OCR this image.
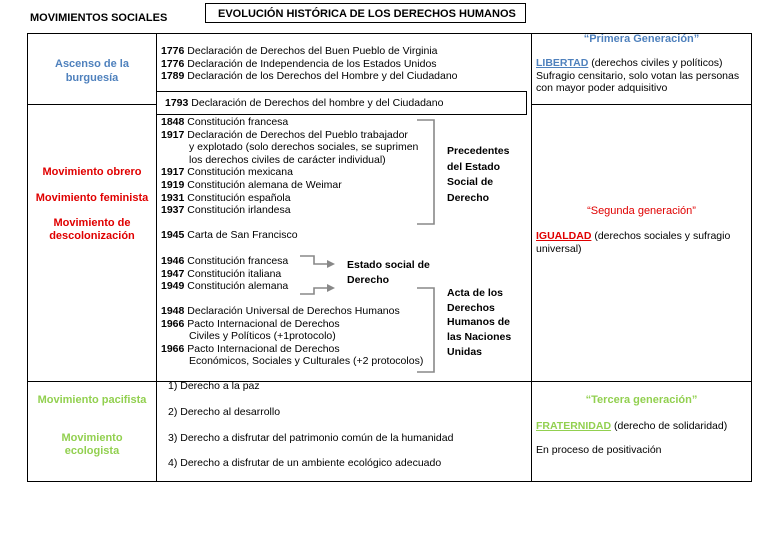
MOVIMIENTOS SOCIALES	EVOLUCIÓN HISTÓRICA DE LOS DERECHOS HUMANOS
Ascenso de la burguesía
1776 Declaración de Derechos del Buen Pueblo de Virginia
1776 Declaración de Independencia de los Estados Unidos
1789 Declaración de los Derechos del Hombre y del Ciudadano
1793 Declaración de Derechos del hombre y del Ciudadano
“Primera Generación”
LIBERTAD (derechos civiles y políticos)
Sufragio censitario, solo votan las personas con mayor poder adquisitivo
Movimiento obrero
Movimiento feminista
Movimiento de descolonización
1848 Constitución francesa
1917 Declaración de Derechos del Pueblo trabajador
y explotado (solo derechos sociales, se suprimen
los derechos civiles de carácter individual)
1917 Constitución mexicana
1919 Constitución alemana de Weimar
1931 Constitución española
1937 Constitución irlandesa
Precedentes
del Estado
Social de
Derecho
1945 Carta de San Francisco
1946 Constitución francesa
1947 Constitución italiana
1949 Constitución alemana
Estado social de
Derecho
1948 Declaración Universal de Derechos Humanos
1966 Pacto Internacional de Derechos
Civiles y Políticos (+1protocolo)
1966 Pacto Internacional de Derechos
Económicos, Sociales y Culturales (+2 protocolos)
Acta de los
Derechos
Humanos de
las Naciones
Unidas
“Segunda generación”
IGUALDAD (derechos sociales y sufragio universal)
Movimiento pacifista
Movimiento ecologista
1) Derecho a la paz
2) Derecho al desarrollo
3) Derecho a disfrutar del patrimonio común de la humanidad
4) Derecho a disfrutar de un ambiente ecológico adecuado
“Tercera generación”
FRATERNIDAD (derecho de solidaridad)
En proceso de positivación
